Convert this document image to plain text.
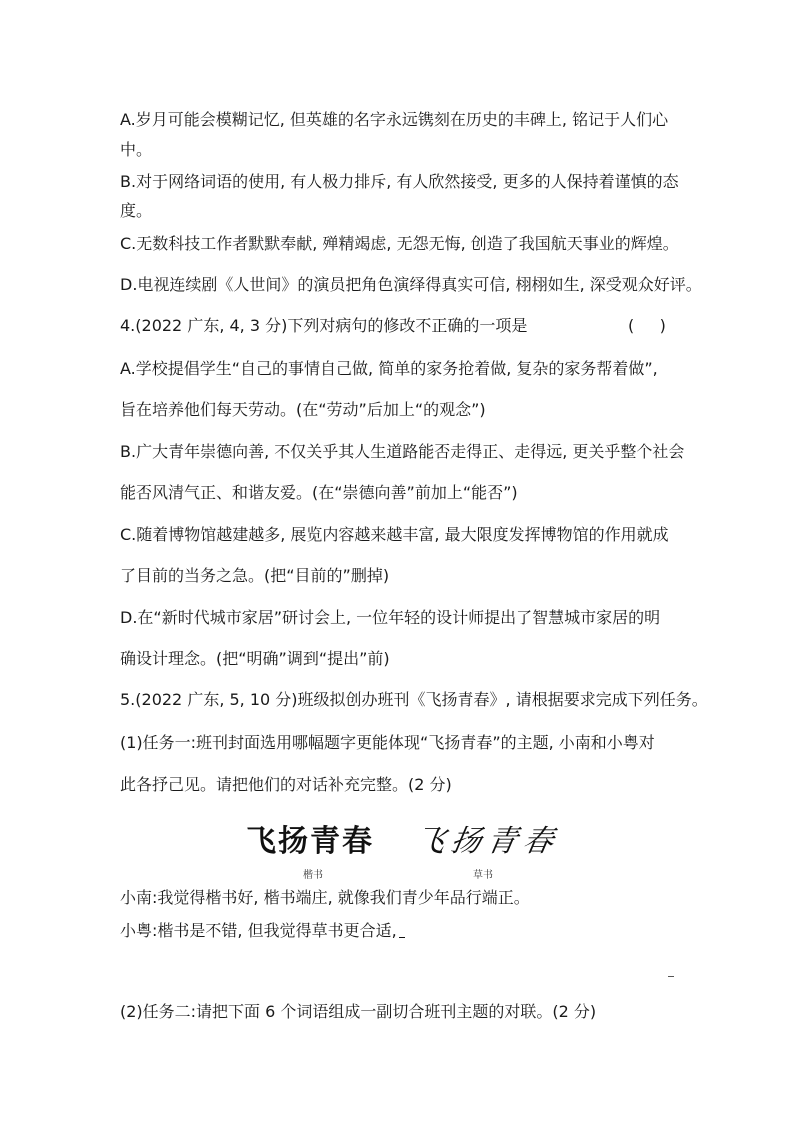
A.岁月可能会模糊记忆, 但英雄的名字永远镌刻在历史的丰碑上, 铭记于人们心
中。
B.对于网络词语的使用, 有人极力排斥, 有人欣然接受, 更多的人保持着谨慎的态
度。
C.无数科技工作者默默奉献, 殚精竭虑, 无怨无悔, 创造了我国航天事业的辉煌。
D.电视连续剧《人世间》的演员把角色演绎得真实可信, 栩栩如生, 深受观众好评。
4.(2022 广东, 4, 3 分)下列对病句的修改不正确的一项是	(     )
A.学校提倡学生“自己的事情自己做, 简单的家务抢着做, 复杂的家务帮着做”,
旨在培养他们每天劳动。(在“劳动”后加上“的观念”)
B.广大青年崇德向善, 不仅关乎其人生道路能否走得正、走得远, 更关乎整个社会
能否风清气正、和谐友爱。(在“崇德向善”前加上“能否”)
C.随着博物馆越建越多, 展览内容越来越丰富, 最大限度发挥博物馆的作用就成
了目前的当务之急。(把“目前的”删掉)
D.在“新时代城市家居”研讨会上, 一位年轻的设计师提出了智慧城市家居的明
确设计理念。(把“明确”调到“提出”前)
5.(2022 广东, 5, 10 分)班级拟创办班刊《飞扬青春》, 请根据要求完成下列任务。
(1)任务一:班刊封面选用哪幅题字更能体现“飞扬青春”的主题, 小南和小粤对
此各抒己见。请把他们的对话补充完整。(2 分)
飞扬青春 飞扬青春
楷书	草书
小南:我觉得楷书好, 楷书端庄, 就像我们青少年品行端正。
小粤:楷书是不错, 但我觉得草书更合适,
(2)任务二:请把下面 6 个词语组成一副切合班刊主题的对联。(2 分)
